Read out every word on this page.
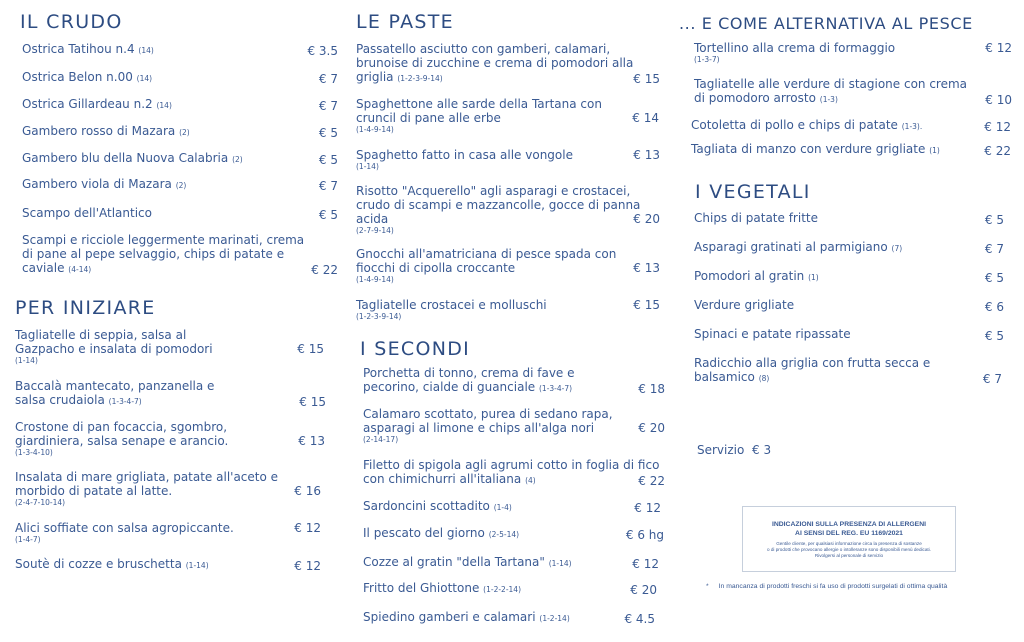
IL CRUDO
Ostrica Tatihou n.4 (14)	€ 3.5
Ostrica Belon n.00 (14)	€ 7
Ostrica Gillardeau n.2 (14)	€ 7
Gambero rosso di Mazara (2)	€ 5
Gambero blu della Nuova Calabria (2)	€ 5
Gambero viola di Mazara (2)	€ 7
Scampo dell'Atlantico	€ 5
Scampi e ricciole leggermente marinati, crema di pane al pepe selvaggio, chips di patate e caviale (4-14)	€ 22
PER INIZIARE
Tagliatelle di seppia, salsa al Gazpacho e insalata di pomodori
(1-14)
€ 15
Baccalà mantecato, panzanella e salsa crudaiola (1-3-4-7)	€ 15
Crostone di pan focaccia, sgombro, giardiniera, salsa senape e arancio.
(1-3-4-10)
€ 13
Insalata di mare grigliata, patate all'aceto e morbido di patate al latte.
(2-4-7-10-14)
€ 16
Alici soffiate con salsa agropiccante.
(1-4-7)
€ 12
Soutè di cozze e bruschetta (1-14)	€ 12
LE PASTE
Passatello asciutto con gamberi, calamari, brunoise di zucchine e crema di pomodori alla griglia (1-2-3-9-14)	€ 15
Spaghettone alle sarde della Tartana con cruncil di pane alle erbe
(1-4-9-14)
€ 14
Spaghetto fatto in casa alle vongole
(1-14)
€ 13
Risotto "Acquerello" agli asparagi e crostacei, crudo di scampi e mazzancolle, gocce di panna acida
(2-7-9-14)
€ 20
Gnocchi all'amatriciana di pesce spada con fiocchi di cipolla croccante
(1-4-9-14)
€ 13
Tagliatelle crostacei e molluschi
(1-2-3-9-14)
€ 15
I SECONDI
Porchetta di tonno, crema di fave e pecorino, cialde di guanciale (1-3-4-7)	€ 18
Calamaro scottato, purea di sedano rapa, asparagi al limone e chips all'alga nori
(2-14-17)
€ 20
Filetto di spigola agli agrumi cotto in foglia di fico con chimichurri all'italiana (4)	€ 22
Sardoncini scottadito (1-4)	€ 12
Il pescato del giorno (2-5-14)	€ 6 hg
Cozze al gratin "della Tartana" (1-14)	€ 12
Fritto del Ghiottone (1-2-2-14)	€ 20
Spiedino gamberi e calamari (1-2-14)	€ 4.5
... E COME ALTERNATIVA AL PESCE
Tortellino alla crema di formaggio
(1-3-7)
€ 12
Tagliatelle alle verdure di stagione con crema di pomodoro arrosto (1-3)	€ 10
Cotoletta di pollo e chips di patate (1-3).	€ 12
Tagliata di manzo con verdure grigliate (1)	€ 22
I VEGETALI
Chips di patate fritte	€ 5
Asparagi gratinati al parmigiano (7)	€ 7
Pomodori al gratin (1)	€ 5
Verdure grigliate	€ 6
Spinaci e patate ripassate	€ 5
Radicchio alla griglia con frutta secca e balsamico (8)	€ 7
Servizio € 3
INDICAZIONI SULLA PRESENZA DI ALLERGENI
AI SENSI DEL REG. EU 1169/2021
Gentile cliente, per qualsiasi informazione circa la presenza di sostanze
o di prodotti che provocano allergie o intolleranze sono disponibili menù dedicati.
Rivolgersi al personale di servizio
* In mancanza di prodotti freschi si fa uso di prodotti surgelati di ottima qualità
